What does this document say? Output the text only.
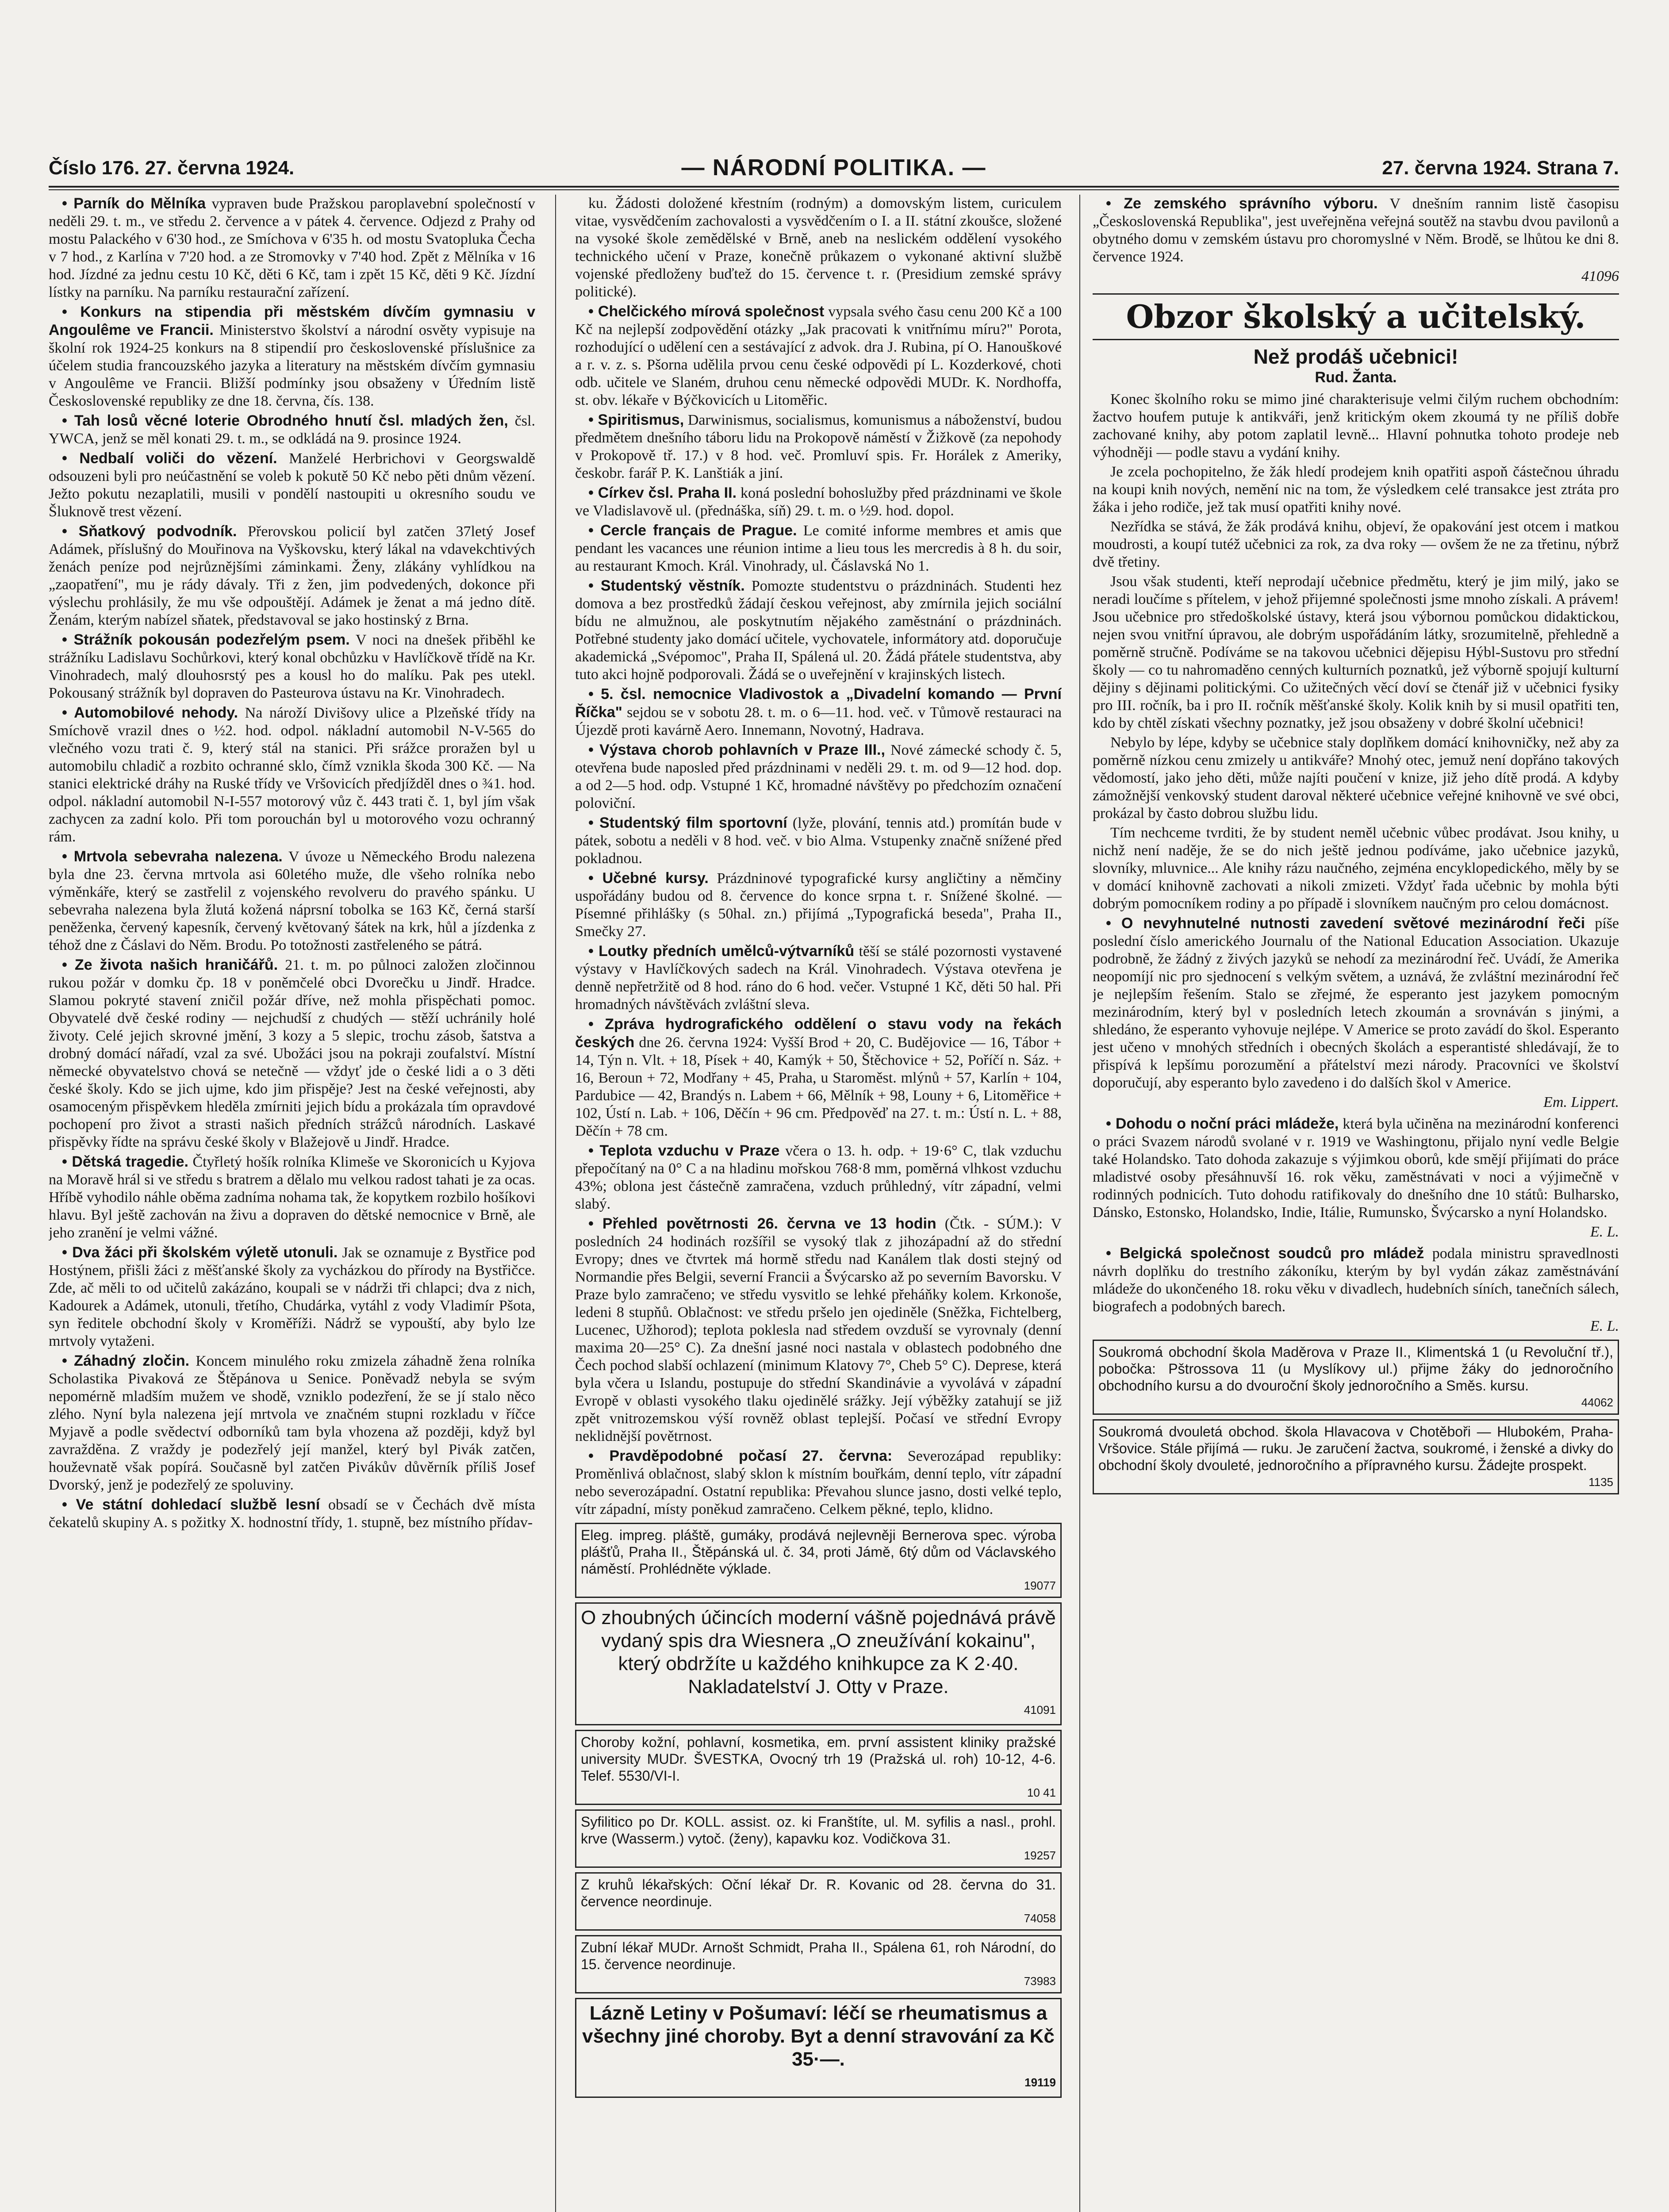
Číslo 176. 27. června 1924.	— NÁRODNÍ POLITIKA. —	27. června 1924. Strana 7.

• Parník do Mělníka vypraven bude Pražskou paroplavební společností v neděli 29. t. m., ve středu 2. července a v pátek 4. července. Odjezd z Prahy od mostu Palackého v 6'30 hod., ze Smíchova v 6'35 h. od mostu Svatopluka Čecha v 7 hod., z Karlína v 7'20 hod. a ze Stromovky v 7'40 hod. Zpět z Mělníka v 16 hod. Jízdné za jednu cestu 10 Kč, děti 6 Kč, tam i zpět 15 Kč, děti 9 Kč. Jízdní lístky na parníku. Na parníku restaurační zařízení.

• Konkurs na stipendia při městském dívčím gymnasiu v Angoulême ve Francii. Ministerstvo školství a národní osvěty vypisuje na školní rok 1924-25 konkurs na 8 stipendií pro československé příslušnice za účelem studia francouzského jazyka a literatury na městském dívčím gymnasiu v Angoulême ve Francii. Bližší podmínky jsou obsaženy v Úředním listě Československé republiky ze dne 18. června, čís. 138.

• Tah losů věcné loterie Obrodného hnutí čsl. mladých žen, čsl. YWCA, jenž se měl konati 29. t. m., se odkládá na 9. prosince 1924.

• Nedbalí voliči do vězení. Manželé Herbrichovi v Georgswaldě odsouzeni byli pro neúčastnění se voleb k pokutě 50 Kč nebo pěti dnům vězení. Ježto pokutu nezaplatili, musili v pondělí nastoupiti u okresního soudu ve Šluknově trest vězení.

• Sňatkový podvodník. Přerovskou policií byl zatčen 37letý Josef Adámek, příslušný do Mouřinova na Vyškovsku, který lákal na vdavekchtivých ženách peníze pod nejrůznějšími záminkami. Ženy, zlákány vyhlídkou na „zaopatření", mu je rády dávaly. Tři z žen, jim podvedených, dokonce při výslechu prohlásily, že mu vše odpouštějí. Adámek je ženat a má jedno dítě. Ženám, kterým nabízel sňatek, představoval se jako hostinský z Brna.

• Strážník pokousán podezřelým psem. V noci na dnešek přiběhl ke strážníku Ladislavu Sochůrkovi, který konal obchůzku v Havlíčkově třídě na Kr. Vinohradech, malý dlouhosrstý pes a kousl ho do malíku. Pak pes utekl. Pokousaný strážník byl dopraven do Pasteurova ústavu na Kr. Vinohradech.

• Automobilové nehody. Na nároží Divišovy ulice a Plzeňské třídy na Smíchově vrazil dnes o ½2. hod. odpol. nákladní automobil N-V-565 do vlečného vozu trati č. 9, který stál na stanici. Při srážce proražen byl u automobilu chladič a rozbito ochranné sklo, čímž vznikla škoda 300 Kč. — Na stanici elektrické dráhy na Ruské třídy ve Vršovicích předjížděl dnes o ¾1. hod. odpol. nákladní automobil N-I-557 motorový vůz č. 443 trati č. 1, byl jím však zachycen za zadní kolo. Při tom porouchán byl u motorového vozu ochranný rám.

• Mrtvola sebevraha nalezena. V úvoze u Německého Brodu nalezena byla dne 23. června mrtvola asi 60letého muže, dle všeho rolníka nebo výměnkáře, který se zastřelil z vojenského revolveru do pravého spánku. U sebevraha nalezena byla žlutá kožená náprsní tobolka se 163 Kč, černá starší peněženka, červený kapesník, červený květovaný šátek na krk, hůl a jízdenka z téhož dne z Čáslavi do Něm. Brodu. Po totožnosti zastřeleného se pátrá.

• Ze života našich hraničářů. 21. t. m. po půlnoci založen zločinnou rukou požár v domku čp. 18 v poněmčelé obci Dvorečku u Jindř. Hradce. Slamou pokryté stavení zničil požár dříve, než mohla přispěchati pomoc. Obyvatelé dvě české rodiny — nejchudší z chudých — stěží uchránily holé životy. Celé jejich skrovné jmění, 3 kozy a 5 slepic, trochu zásob, šatstva a drobný domácí nářadí, vzal za své. Ubožáci jsou na pokraji zoufalství. Místní německé obyvatelstvo chová se netečně — vždyť jde o české lidi a o 3 děti české školy. Kdo se jich ujme, kdo jim přispěje? Jest na české veřejnosti, aby osamoceným přispěvkem hleděla zmírniti jejich bídu a prokázala tím opravdové pochopení pro život a strasti našich předních strážců národních. Laskavé přispěvky řídte na správu české školy v Blažejově u Jindř. Hradce.

• Dětská tragedie. Čtyřletý hošík rolníka Klimeše ve Skoronicích u Kyjova na Moravě hrál si ve středu s bratrem a dělalo mu velkou radost tahati je za ocas. Hříbě vyhodilo náhle oběma zadníma nohama tak, že kopytkem rozbilo hošíkovi hlavu. Byl ještě zachován na živu a dopraven do dětské nemocnice v Brně, ale jeho zranění je velmi vážné.

• Dva žáci při školském výletě utonuli. Jak se oznamuje z Bystřice pod Hostýnem, přišli žáci z měšťanské školy za vycházkou do přírody na Bystřičce. Zde, ač měli to od učitelů zakázáno, koupali se v nádrži tři chlapci; dva z nich, Kadourek a Adámek, utonuli, třetího, Chudárka, vytáhl z vody Vladimír Pšota, syn ředitele obchodní školy v Kroměříži. Nádrž se vypouští, aby bylo lze mrtvoly vytaženi.

• Záhadný zločin. Koncem minulého roku zmizela záhadně žena rolníka Scholastika Pivaková ze Štěpánova u Senice. Poněvadž nebyla se svým nepomérně mladším mužem ve shodě, vzniklo podezření, že se jí stalo něco zlého. Nyní byla nalezena její mrtvola ve značném stupni rozkladu v říčce Myjavě a podle svědectví odborníků tam byla vhozena až později, když byl zavražděna. Z vraždy je podezřelý její manžel, který byl Pivák zatčen, houževnatě však popírá. Současně byl zatčen Pivákův důvěrník příliš Josef Dvorský, jenž je podezřelý ze spoluviny.

• Ve státní dohledací službě lesní obsadí se v Čechách dvě místa čekatelů skupiny A. s požitky X. hodnostní třídy, 1. stupně, bez místního přídav-

ku. Žádosti doložené křestním (rodným) a domovským listem, curiculem vitae, vysvědčením zachovalosti a vysvědčením o I. a II. státní zkoušce, složené na vysoké škole zemědělské v Brně, aneb na neslickém oddělení vysokého technického učení v Praze, konečně průkazem o vykonané aktivní službě vojenské předloženy buďtež do 15. července t. r. (Presidium zemské správy politické).

• Chelčického mírová společnost vypsala svého času cenu 200 Kč a 100 Kč na nejlepší zodpovědění otázky „Jak pracovati k vnitřnímu míru?" Porota, rozhodující o udělení cen a sestávající z advok. dra J. Rubina, pí O. Hanouškové a r. v. z. s. Pšorna udělila prvou cenu české odpovědi pí L. Kozderkové, choti odb. učitele ve Slaném, druhou cenu německé odpovědi MUDr. K. Nordhoffa, st. obv. lékaře v Býčkovicích u Litoměřic.

• Spiritismus, Darwinismus, socialismus, komunismus a náboženství, budou předmětem dnešního táboru lidu na Prokopově náměstí v Žižkově (za nepohody v Prokopově tř. 17.) v 8 hod. več. Promluví spis. Fr. Horálek z Ameriky, českobr. farář P. K. Lanštiák a jiní.

• Církev čsl. Praha II. koná poslední bohoslužby před prázdninami ve škole ve Vladislavově ul. (přednáška, síň) 29. t. m. o ½9. hod. dopol.

• Cercle français de Prague. Le comité informe membres et amis que pendant les vacances une réunion intime a lieu tous les mercredis à 8 h. du soir, au restaurant Kmoch. Král. Vinohrady, ul. Čáslavská No 1.

• Studentský věstník. Pomozte studentstvu o prázdninách. Studenti hez domova a bez prostředků žádají českou veřejnost, aby zmírnila jejich sociální bídu ne almužnou, ale poskytnutím nějakého zaměstnání o prázdninách. Potřebné studenty jako domácí učitele, vychovatele, informátory atd. doporučuje akademická „Svépomoc", Praha II, Spálená ul. 20. Žádá přátele studentstva, aby tuto akci hojně podporovali. Žádá se o uveřejnění v krajinských listech.

• 5. čsl. nemocnice Vladivostok a „Divadelní komando — První Říčka" sejdou se v sobotu 28. t. m. o 6—11. hod. več. v Tůmově restauraci na Újezdě proti kavárně Aero. Innemann, Novotný, Hadrava.

• Výstava chorob pohlavních v Praze III., Nové zámecké schody č. 5, otevřena bude naposled před prázdninami v neděli 29. t. m. od 9—12 hod. dop. a od 2—5 hod. odp. Vstupné 1 Kč, hromadné návštěvy po předchozím označení poloviční.

• Studentský film sportovní (lyže, plování, tennis atd.) promítán bude v pátek, sobotu a neděli v 8 hod. več. v bio Alma. Vstupenky značně snížené před pokladnou.

• Učebné kursy. Prázdninové typografické kursy angličtiny a němčiny uspořádány budou od 8. července do konce srpna t. r. Snížené školné. — Písemné přihlášky (s 50hal. zn.) přijímá „Typografická beseda", Praha II., Smečky 27.

• Loutky předních umělců-výtvarníků těší se stálé pozornosti vystavené výstavy v Havlíčkových sadech na Král. Vinohradech. Výstava otevřena je denně nepřetržitě od 8 hod. ráno do 6 hod. večer. Vstupné 1 Kč, děti 50 hal. Při hromadných návštěvách zvláštní sleva.

• Zpráva hydrografického oddělení o stavu vody na řekách českých dne 26. června 1924: Vyšší Brod + 20, C. Budějovice — 16, Tábor + 14, Týn n. Vlt. + 18, Písek + 40, Kamýk + 50, Štěchovice + 52, Poříčí n. Sáz. + 16, Beroun + 72, Modřany + 45, Praha, u Staroměst. mlýnů + 57, Karlín + 104, Pardubice — 42, Brandýs n. Labem + 66, Mělník + 98, Louny + 6, Litoměřice + 102, Ústí n. Lab. + 106, Děčín + 96 cm. Předpověď na 27. t. m.: Ústí n. L. + 88, Děčín + 78 cm.

• Teplota vzduchu v Praze včera o 13. h. odp. + 19·6° C, tlak vzduchu přepočítaný na 0° C a na hladinu mořskou 768·8 mm, poměrná vlhkost vzduchu 43%; oblona jest částečně zamračena, vzduch průhledný, vítr západní, velmi slabý.

• Přehled povětrnosti 26. června ve 13 hodin (Čtk. - SÚM.): V posledních 24 hodinách rozšířil se vysoký tlak z jihozápadní až do střední Evropy; dnes ve čtvrtek má hormě středu nad Kanálem tlak dosti stejný od Normandie přes Belgii, severní Francii a Švýcarsko až po severním Bavorsku. V Praze bylo zamračeno; ve středu vysvitlo se lehké přeháňky kolem. Krkonoše, ledeni 8 stupňů. Oblačnost: ve středu pršelo jen ojediněle (Sněžka, Fichtelberg, Lucenec, Užhorod); teplota poklesla nad středem ovzduší se vyrovnaly (denní maxima 20—25° C). Za dnešní jasné noci nastala v oblastech podobného dne Čech pochod slabší ochlazení (minimum Klatovy 7°, Cheb 5° C). Deprese, která byla včera u Islandu, postupuje do střední Skandinávie a vyvolává v západní Evropě v oblasti vysokého tlaku ojedinělé srážky. Její výběžky zatahují se již zpět vnitrozemskou výší rovněž oblast teplejší. Počasí ve střední Evropy neklidnější povětrnost.

• Pravděpodobné počasí 27. června: Severozápad republiky: Proměnlivá oblačnost, slabý sklon k místním bouřkám, denní teplo, vítr západní nebo severozápadní. Ostatní republika: Převahou slunce jasno, dosti velké teplo, vítr západní, místy poněkud zamračeno. Celkem pěkné, teplo, klidno.

Eleg. impreg. pláště, gumáky, prodává nejlevněji Bernerova spec. výroba plášťů, Praha II., Štěpánská ul. č. 34, proti Jámě, 6tý dům od Václavského náměstí. Prohlédněte výklade.
19077
O zhoubných účincích moderní vášně pojednává právě vydaný spis dra Wiesnera „O zneužívání kokainu", který obdržíte u každého knihkupce za K 2·40. Nakladatelství J. Otty v Praze.
41091
Choroby kožní, pohlavní, kosmetika, em. první assistent kliniky pražské university MUDr. ŠVESTKA, Ovocný trh 19 (Pražská ul. roh) 10-12, 4-6. Telef. 5530/VI-I.
10 41
Syfilitico po Dr. KOLL. assist. oz. ki Franštíte, ul. M. syfilis a nasl., prohl. krve (Wasserm.) vytoč. (ženy), kapavku koz. Vodičkova 31.
19257
Z kruhů lékařských: Oční lékař Dr. R. Kovanic od 28. června do 31. července neordinuje.
74058
Zubní lékař MUDr. Arnošt Schmidt, Praha II., Spálena 61, roh Národní, do 15. července neordinuje.
73983
Lázně Letiny v Pošumaví: léčí se rheumatismus a všechny jiné choroby. Byt a denní stravování za Kč 35·—.
19119

• Ze zemského správního výboru. V dnešním rannim listě časopisu „Československá Republika", jest uveřejněna veřejná soutěž na stavbu dvou pavilonů a obytného domu v zemském ústavu pro choromyslné v Něm. Brodě, se lhůtou ke dni 8. července 1924.

41096
Obzor školský a učitelský.
Než prodáš učebnici!
Rud. Žanta.

Konec školního roku se mimo jiné charakterisuje velmi čilým ruchem obchodním: žactvo houfem putuje k antikváři, jenž kritickým okem zkoumá ty ne příliš dobře zachované knihy, aby potom zaplatil levně... Hlavní pohnutka tohoto prodeje neb výhodněji — podle stavu a vydání knihy.

Je zcela pochopitelno, že žák hledí prodejem knih opatřiti aspoň částečnou úhradu na koupi knih nových, nemění nic na tom, že výsledkem celé transakce jest ztráta pro žáka i jeho rodiče, jež tak musí opatřiti knihy nové.

Nezřídka se stává, že žák prodává knihu, objeví, že opakování jest otcem i matkou moudrosti, a koupí tutéž učebnici za rok, za dva roky — ovšem že ne za třetinu, nýbrž dvě třetiny.

Jsou však studenti, kteří neprodají učebnice předmětu, který je jim milý, jako se neradi loučíme s přítelem, v jehož přijemné společnosti jsme mnoho získali. A právem! Jsou učebnice pro středoškolské ústavy, která jsou výbornou pomůckou didaktickou, nejen svou vnitřní úpravou, ale dobrým uspořádáním látky, srozumitelně, přehledně a poměrně stručně. Podíváme se na takovou učebnici dějepisu Hýbl-Sustovu pro střední školy — co tu nahromaděno cenných kulturních poznatků, jež výborně spojují kulturní dějiny s dějinami politickými. Co užitečných věcí doví se čtenář již v učebnici fysiky pro III. ročník, ba i pro II. ročník měšťanské školy. Kolik knih by si musil opatřiti ten, kdo by chtěl získati všechny poznatky, jež jsou obsaženy v dobré školní učebnici!

Nebylo by lépe, kdyby se učebnice staly doplňkem domácí knihovničky, než aby za poměrně nízkou cenu zmizely u antikváře? Mnohý otec, jemuž není dopřáno takových vědomostí, jako jeho děti, může najíti poučení v knize, již jeho dítě prodá. A kdyby zámožnější venkovský student daroval některé učebnice veřejné knihovně ve své obci, prokázal by často dobrou službu lidu.

Tím nechceme tvrditi, že by student neměl učebnic vůbec prodávat. Jsou knihy, u nichž není naděje, že se do nich ještě jednou podíváme, jako učebnice jazyků, slovníky, mluvnice... Ale knihy rázu naučného, zejména encyklopedického, měly by se v domácí knihovně zachovati a nikoli zmizeti. Vždyť řada učebnic by mohla býti dobrým pomocníkem rodiny a po případě i slovníkem naučným pro celou domácnost.

• O nevyhnutelné nutnosti zavedení světové mezinárodní řeči píše poslední číslo amerického Journalu of the National Education Association. Ukazuje podrobně, že žádný z živých jazyků se nehodí za mezinárodní řeč. Uvádí, že Amerika neopomíjí nic pro sjednocení s velkým světem, a uznává, že zvláštní mezinárodní řeč je nejlepším řešením. Stalo se zřejmé, že esperanto jest jazykem pomocným mezinárodním, který byl v posledních letech zkoumán a srovnáván s jinými, a shledáno, že esperanto vyhovuje nejlépe. V Americe se proto zavádí do škol. Esperanto jest učeno v mnohých středních i obecných školách a esperantisté shledávají, že to přispívá k lepšímu porozumění a přátelství mezi národy. Pracovníci ve školství doporučují, aby esperanto bylo zavedeno i do dalších škol v Americe.

Em. Lippert.

• Dohodu o noční práci mládeže, která byla učiněna na mezinárodní konferenci o práci Svazem národů svolané v r. 1919 ve Washingtonu, přijalo nyní vedle Belgie také Holandsko. Tato dohoda zakazuje s výjimkou oborů, kde smějí přijímati do práce mladistvé osoby přesáhnuvší 16. rok věku, zaměstnávati v noci a výjimečně v rodinných podnicích. Tuto dohodu ratifikovaly do dnešního dne 10 států: Bulharsko, Dánsko, Estonsko, Holandsko, Indie, Itálie, Rumunsko, Švýcarsko a nyní Holandsko.

E. L.

• Belgická společnost soudců pro mládež podala ministru spravedlnosti návrh doplňku do trestního zákoníku, kterým by byl vydán zákaz zaměstnávání mládeže do ukončeného 18. roku věku v divadlech, hudebních síních, tanečních sálech, biografech a podobných barech.

E. L.

Soukromá obchodní škola Maděrova v Praze II., Klimentská 1 (u Revoluční tř.), pobočka: Pštrossova 11 (u Myslíkovy ul.) přijme žáky do jednoročního obchodního kursu a do dvouroční školy jednoročního a Směs. kursu.
44062
Soukromá dvouletá obchod. škola Hlavacova v Chotěboři — Hlubokém, Praha-Vršovice. Stále přijímá — ruku. Je zaručení žactva, soukromé, i ženské a divky do obchodní školy dvouleté, jednoročního a přípravného kursu. Žádejte prospekt.
1135
